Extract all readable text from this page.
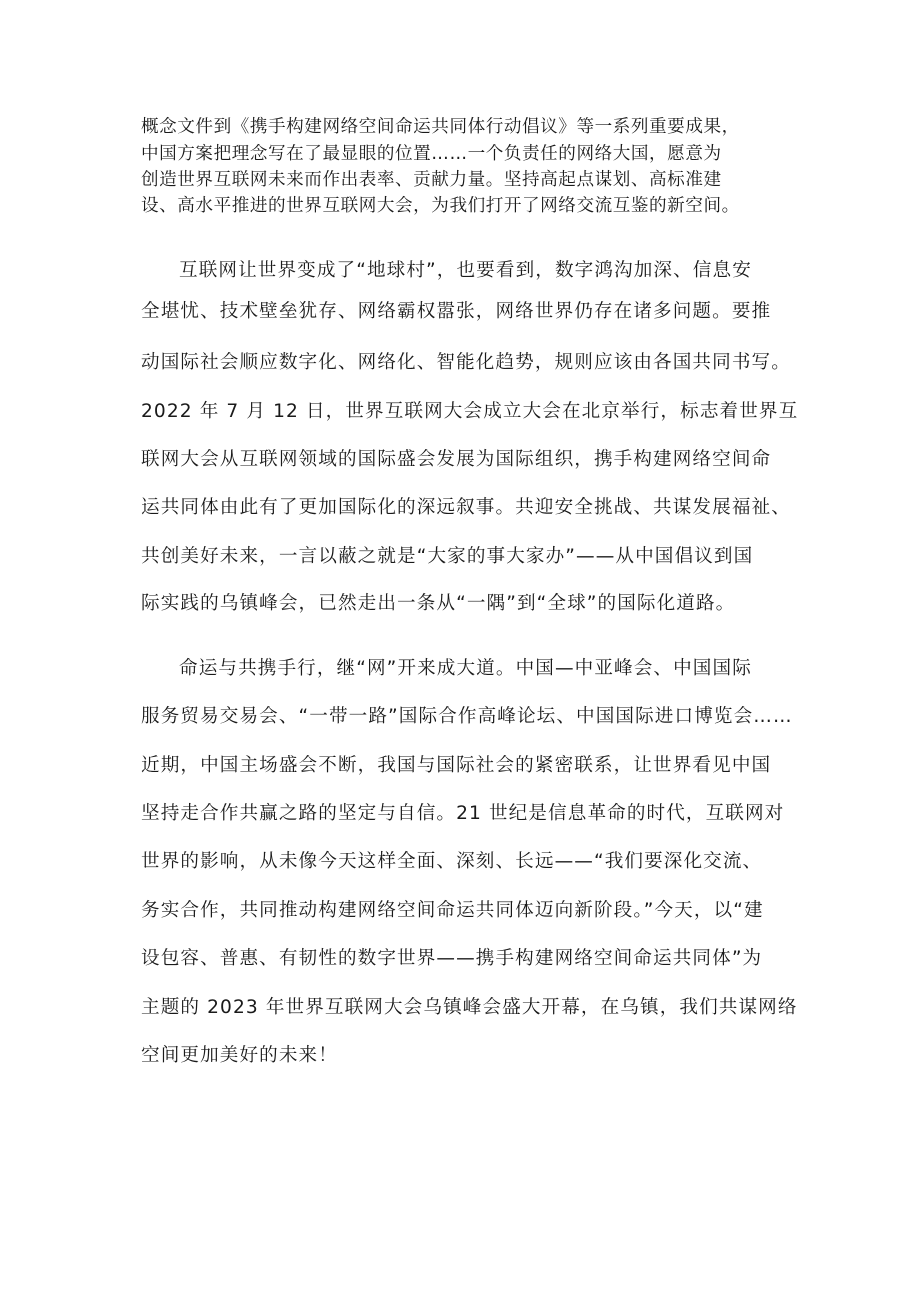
概念文件到《携手构建网络空间命运共同体行动倡议》等一系列重要成果，
中国方案把理念写在了最显眼的位置……一个负责任的网络大国，愿意为
创造世界互联网未来而作出表率、贡献力量。坚持高起点谋划、高标准建
设、高水平推进的世界互联网大会，为我们打开了网络交流互鉴的新空间。
互联网让世界变成了“地球村”，也要看到，数字鸿沟加深、信息安
全堪忧、技术壁垒犹存、网络霸权嚣张，网络世界仍存在诸多问题。要推
动国际社会顺应数字化、网络化、智能化趋势，规则应该由各国共同书写。
2022 年 7 月 12 日，世界互联网大会成立大会在北京举行，标志着世界互
联网大会从互联网领域的国际盛会发展为国际组织，携手构建网络空间命
运共同体由此有了更加国际化的深远叙事。共迎安全挑战、共谋发展福祉、
共创美好未来，一言以蔽之就是“大家的事大家办”——从中国倡议到国
际实践的乌镇峰会，已然走出一条从“一隅”到“全球”的国际化道路。
命运与共携手行，继“网”开来成大道。中国—中亚峰会、中国国际
服务贸易交易会、“一带一路”国际合作高峰论坛、中国国际进口博览会……
近期，中国主场盛会不断，我国与国际社会的紧密联系，让世界看见中国
坚持走合作共赢之路的坚定与自信。21 世纪是信息革命的时代，互联网对
世界的影响，从未像今天这样全面、深刻、长远——“我们要深化交流、
务实合作，共同推动构建网络空间命运共同体迈向新阶段。”今天，以“建
设包容、普惠、有韧性的数字世界——携手构建网络空间命运共同体”为
主题的 2023 年世界互联网大会乌镇峰会盛大开幕，在乌镇，我们共谋网络
空间更加美好的未来！
